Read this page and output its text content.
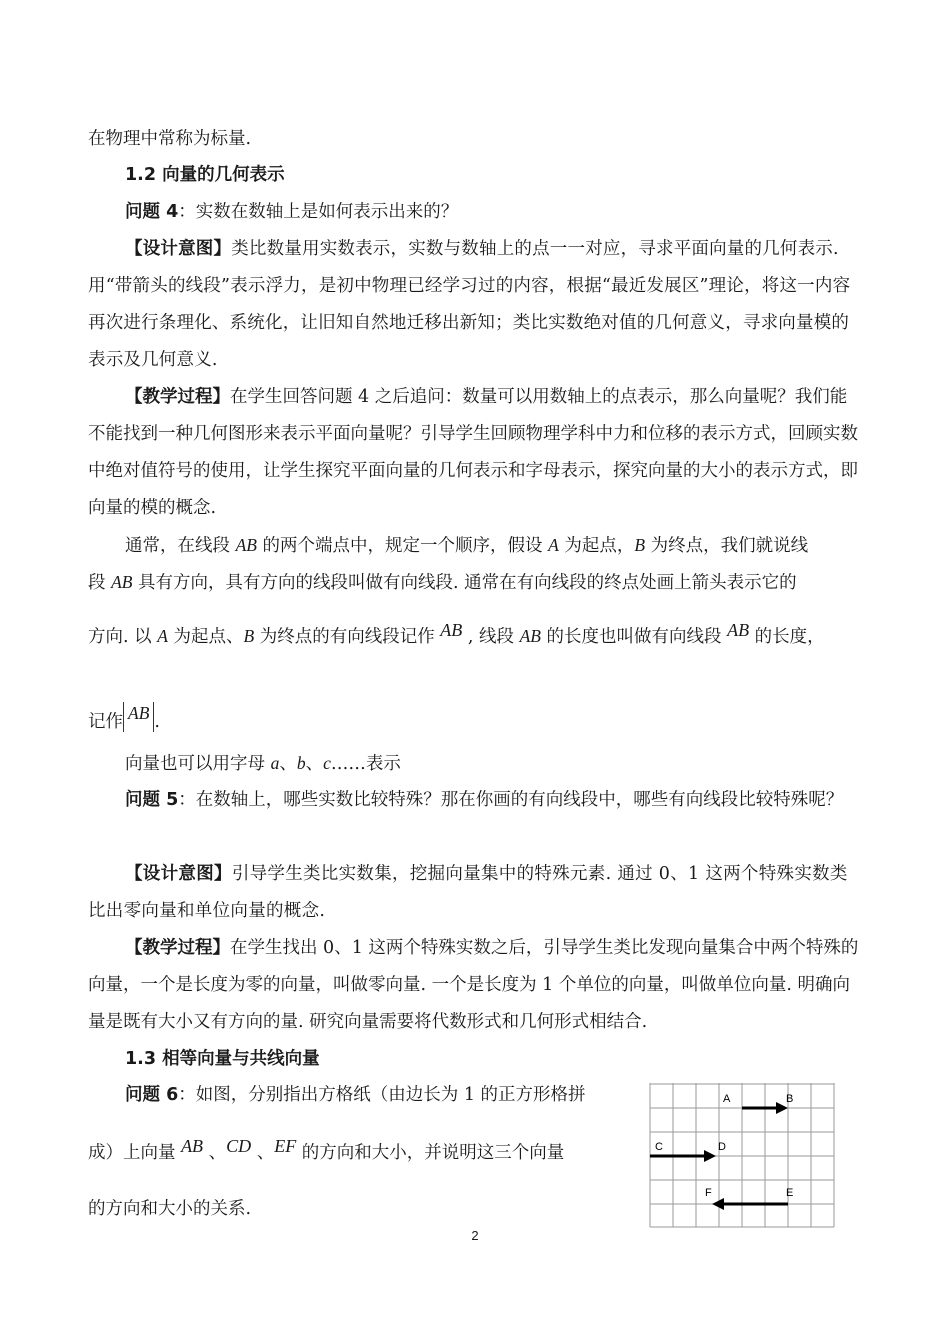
在物理中常称为标量.

1.2 向量的几何表示

问题 4：实数在数轴上是如何表示出来的？

【设计意图】类比数量用实数表示，实数与数轴上的点一一对应，寻求平面向量的几何表示. 用“带箭头的线段”表示浮力，是初中物理已经学习过的内容，根据“最近发展区”理论，将这一内容再次进行条理化、系统化，让旧知自然地迁移出新知；类比实数绝对值的几何意义，寻求向量模的表示及几何意义.

【教学过程】在学生回答问题 4 之后追问：数量可以用数轴上的点表示，那么向量呢？我们能不能找到一种几何图形来表示平面向量呢？引导学生回顾物理学科中力和位移的表示方式，回顾实数中绝对值符号的使用，让学生探究平面向量的几何表示和字母表示，探究向量的大小的表示方式，即向量的模的概念.

通常，在线段 AB 的两个端点中，规定一个顺序，假设 A 为起点，B 为终点，我们就说线

段 AB 具有方向，具有方向的线段叫做有向线段. 通常在有向线段的终点处画上箭头表示它的

方向. 以 A 为起点、B 为终点的有向线段记作 AB , 线段 AB 的长度也叫做有向线段 AB 的长度，

记作 AB .

向量也可以用字母 a、b、c……表示

问题 5：在数轴上，哪些实数比较特殊？那在你画的有向线段中，哪些有向线段比较特殊呢？

【设计意图】引导学生类比实数集，挖掘向量集中的特殊元素. 通过 0、1 这两个特殊实数类比出零向量和单位向量的概念.

【教学过程】在学生找出 0、1 这两个特殊实数之后，引导学生类比发现向量集合中两个特殊的向量，一个是长度为零的向量，叫做零向量. 一个是长度为 1 个单位的向量，叫做单位向量. 明确向量是既有大小又有方向的量. 研究向量需要将代数形式和几何形式相结合.

1.3 相等向量与共线向量

问题 6：如图，分别指出方格纸（由边长为 1 的正方形格拼

成）上向量 AB 、CD 、EF 的方向和大小，并说明这三个向量

的方向和大小的关系.

A	B
C	D
E
F
2
